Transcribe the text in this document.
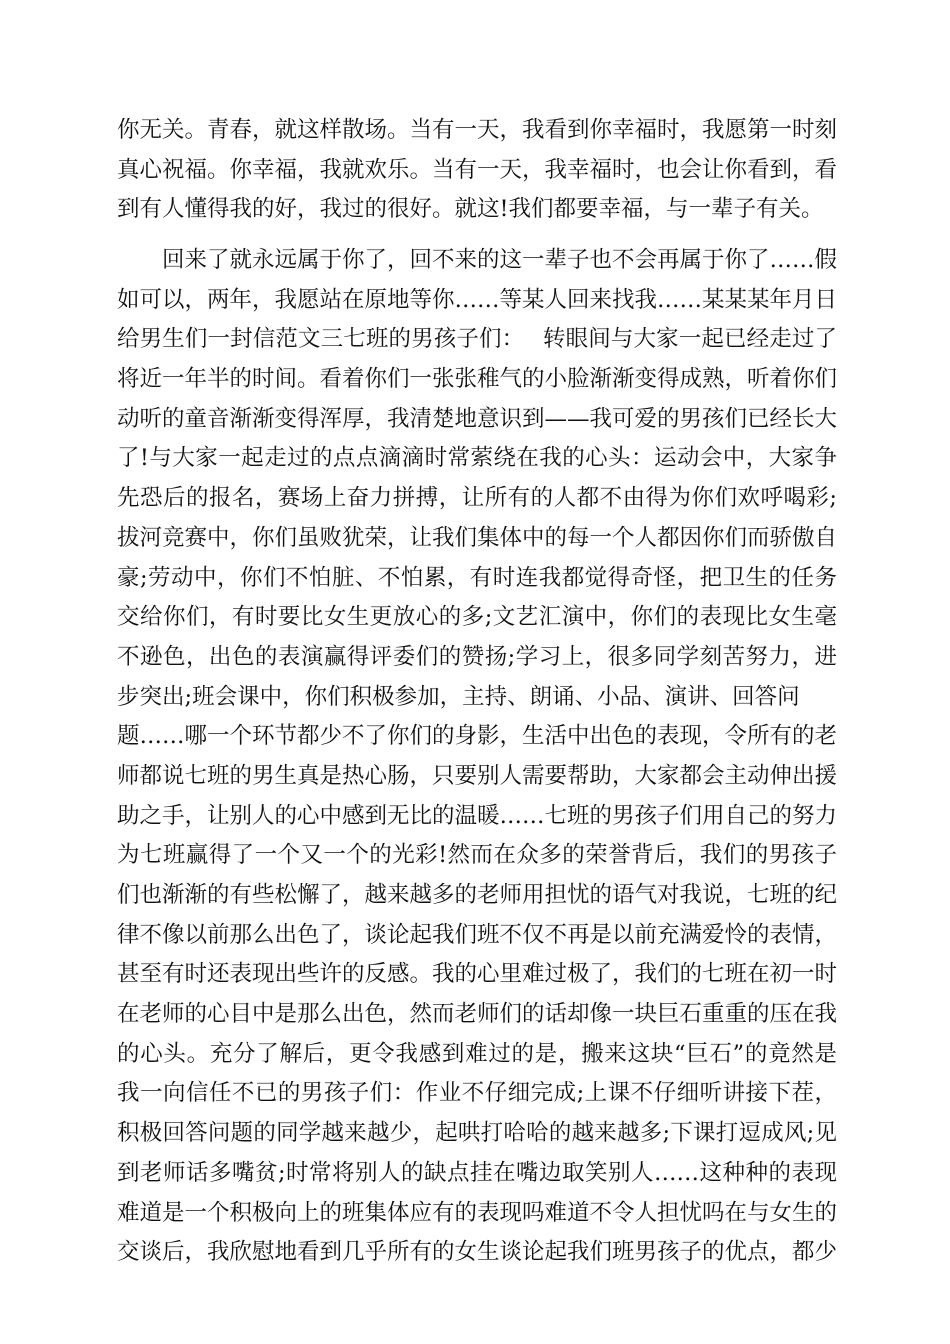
你无关。青春，就这样散场。当有一天，我看到你幸福时，我愿第一时刻
真心祝福。你幸福，我就欢乐。当有一天，我幸福时，也会让你看到，看
到有人懂得我的好，我过的很好。就这!我们都要幸福，与一辈子有关。
　　回来了就永远属于你了，回不来的这一辈子也不会再属于你了……假
如可以，两年，我愿站在原地等你……等某人回来找我……某某某年月日
给男生们一封信范文三七班的男孩子们：　 转眼间与大家一起已经走过了
将近一年半的时间。看着你们一张张稚气的小脸渐渐变得成熟，听着你们
动听的童音渐渐变得浑厚，我清楚地意识到——我可爱的男孩们已经长大
了!与大家一起走过的点点滴滴时常萦绕在我的心头：运动会中，大家争
先恐后的报名，赛场上奋力拼搏，让所有的人都不由得为你们欢呼喝彩;
拔河竞赛中，你们虽败犹荣，让我们集体中的每一个人都因你们而骄傲自
豪;劳动中，你们不怕脏、不怕累，有时连我都觉得奇怪，把卫生的任务
交给你们，有时要比女生更放心的多;文艺汇演中，你们的表现比女生毫
不逊色，出色的表演赢得评委们的赞扬;学习上，很多同学刻苦努力，进
步突出;班会课中，你们积极参加，主持、朗诵、小品、演讲、回答问
题……哪一个环节都少不了你们的身影，生活中出色的表现，令所有的老
师都说七班的男生真是热心肠，只要别人需要帮助，大家都会主动伸出援
助之手，让别人的心中感到无比的温暖……七班的男孩子们用自己的努力
为七班赢得了一个又一个的光彩!然而在众多的荣誉背后，我们的男孩子
们也渐渐的有些松懈了，越来越多的老师用担忧的语气对我说，七班的纪
律不像以前那么出色了，谈论起我们班不仅不再是以前充满爱怜的表情，
甚至有时还表现出些许的反感。我的心里难过极了，我们的七班在初一时
在老师的心目中是那么出色，然而老师们的话却像一块巨石重重的压在我
的心头。充分了解后，更令我感到难过的是，搬来这块“巨石”的竟然是
我一向信任不已的男孩子们：作业不仔细完成;上课不仔细听讲接下茬，
积极回答问题的同学越来越少，起哄打哈哈的越来越多;下课打逗成风;见
到老师话多嘴贫;时常将别人的缺点挂在嘴边取笑别人……这种种的表现
难道是一个积极向上的班集体应有的表现吗难道不令人担忧吗在与女生的
交谈后，我欣慰地看到几乎所有的女生谈论起我们班男孩子的优点，都少
